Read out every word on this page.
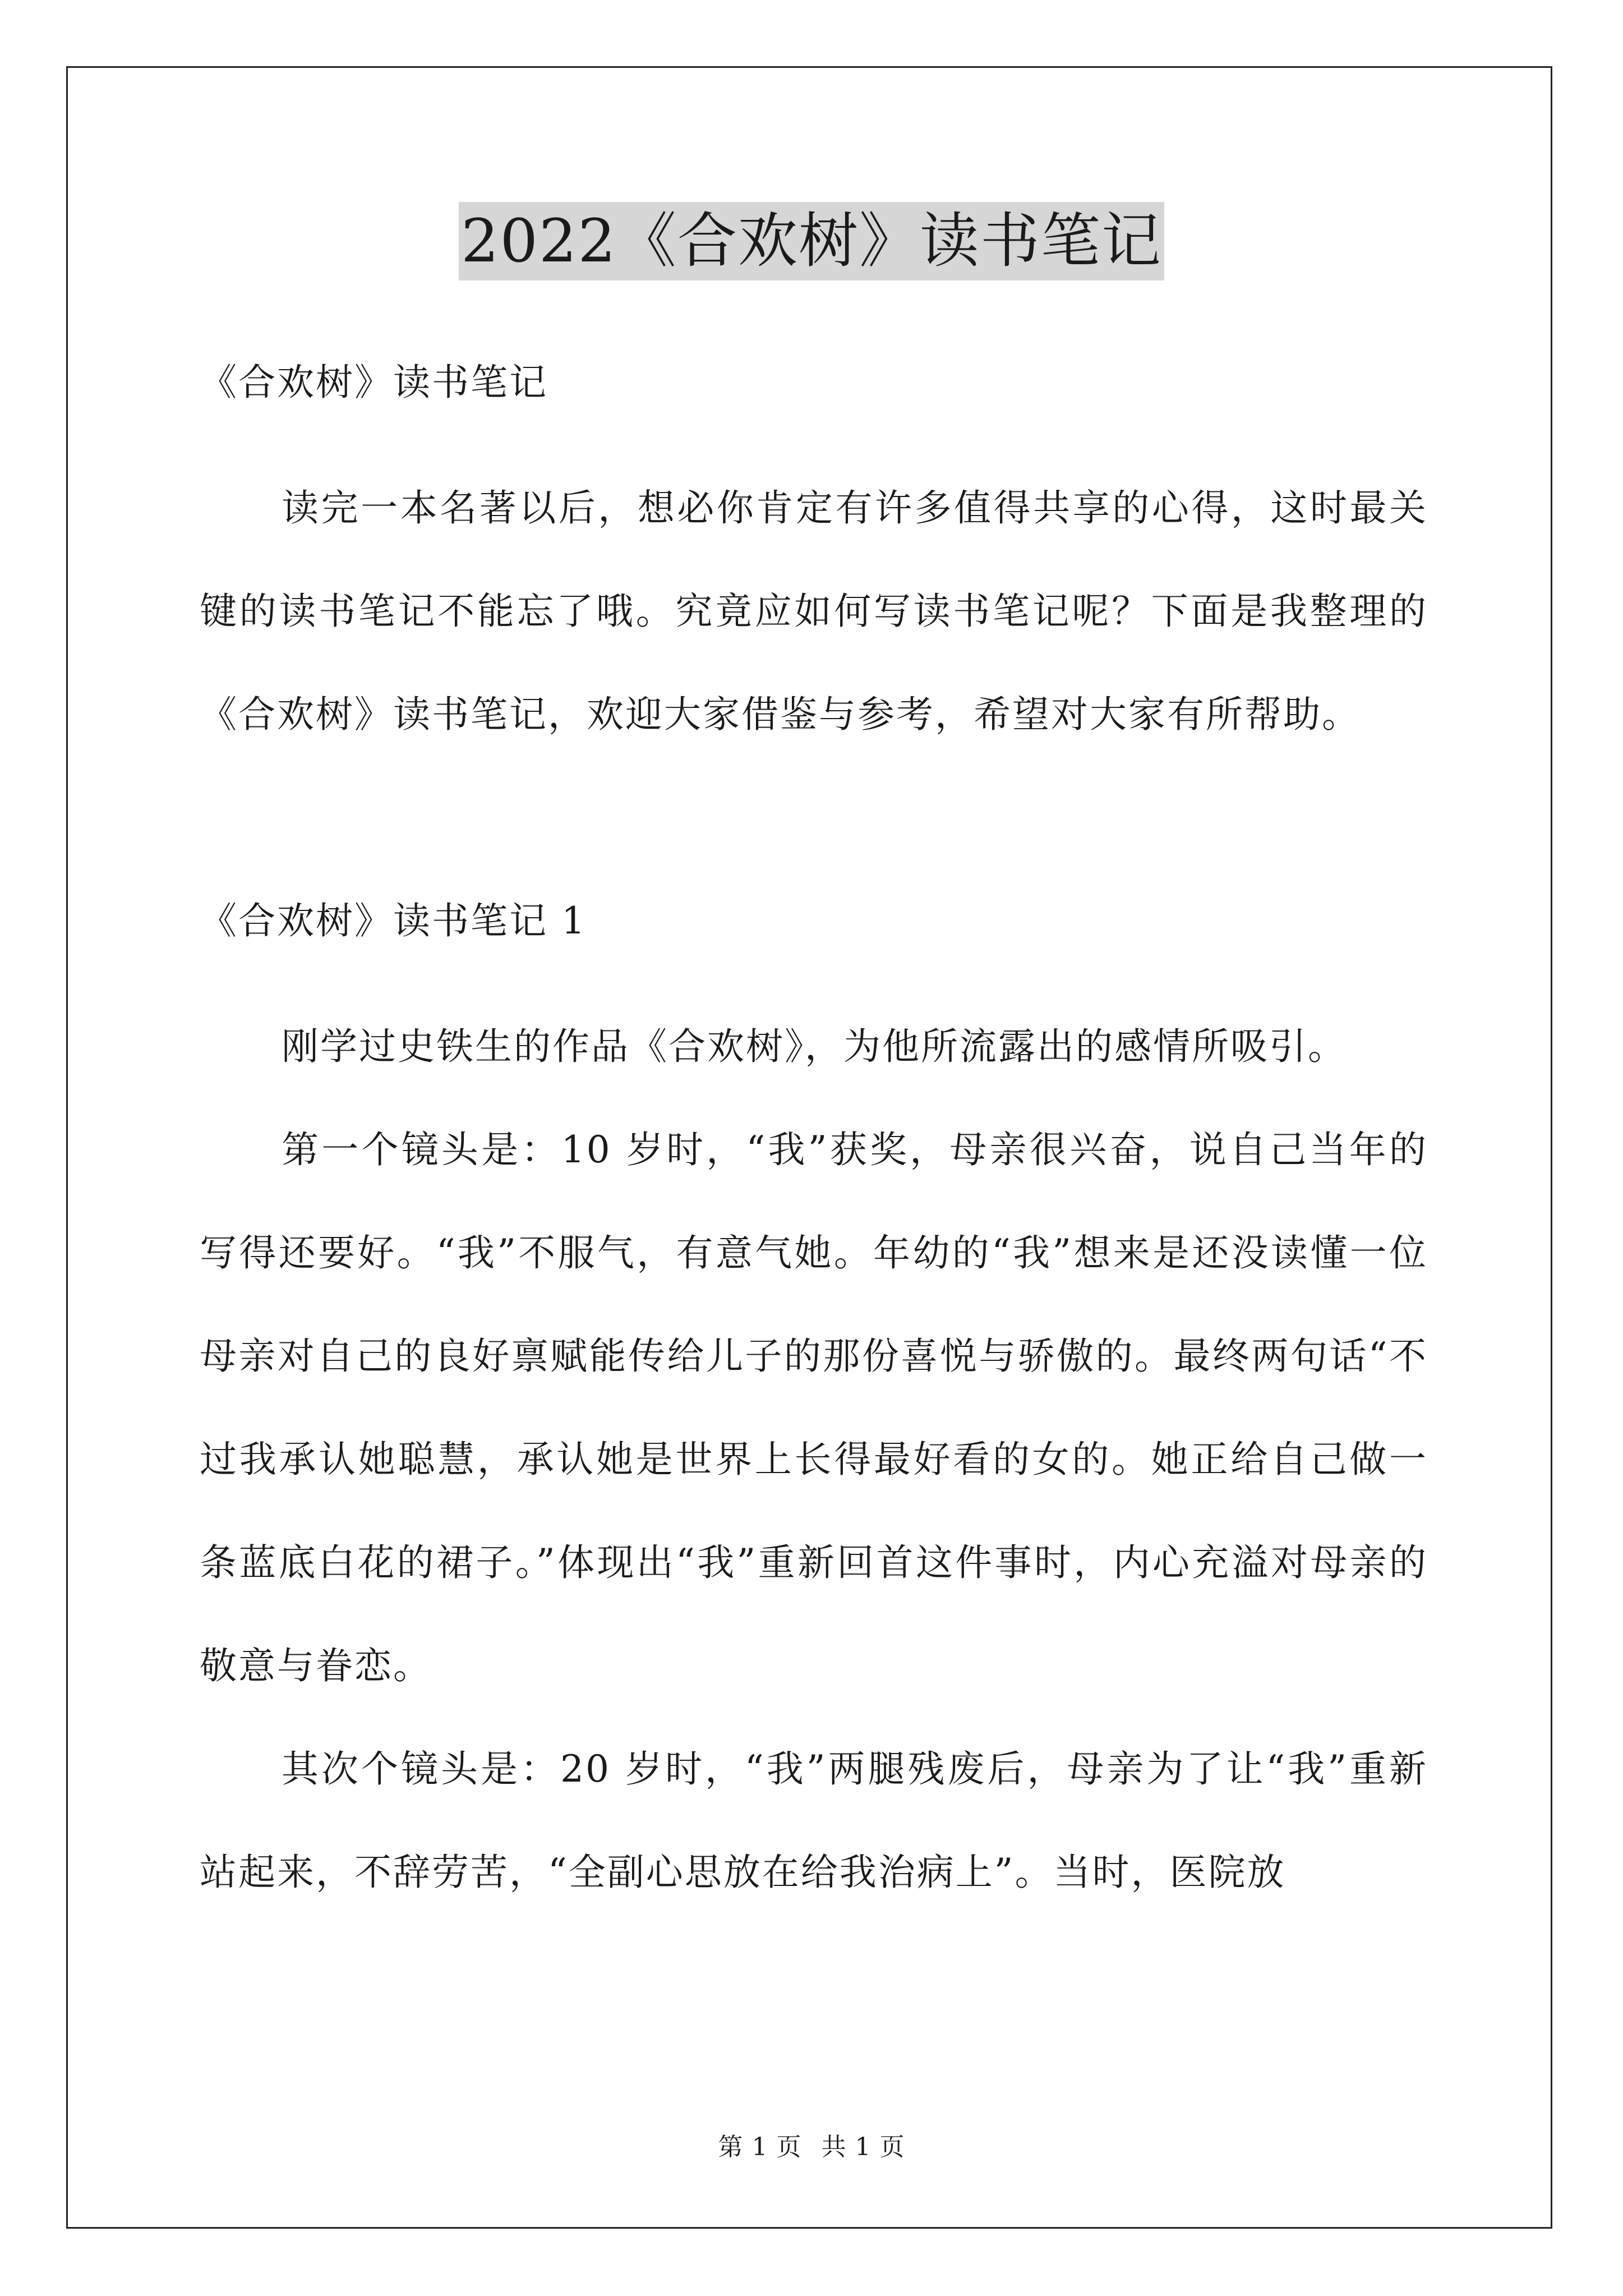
2022《合欢树》读书笔记

《合欢树》读书笔记

读完一本名著以后，想必你肯定有许多值得共享的心得，这时最关键的读书笔记不能忘了哦。究竟应如何写读书笔记呢？下面是我整理的《合欢树》读书笔记，欢迎大家借鉴与参考，希望对大家有所帮助。

《合欢树》读书笔记 1

刚学过史铁生的作品《合欢树》，为他所流露出的感情所吸引。

第一个镜头是：10 岁时，“我”获奖，母亲很兴奋，说自己当年的写得还要好。“我”不服气，有意气她。年幼的“我”想来是还没读懂一位母亲对自己的良好禀赋能传给儿子的那份喜悦与骄傲的。最终两句话“不过我承认她聪慧，承认她是世界上长得最好看的女的。她正给自己做一条蓝底白花的裙子。”体现出“我”重新回首这件事时，内心充溢对母亲的敬意与眷恋。

其次个镜头是：20 岁时，“我”两腿残废后，母亲为了让“我”重新站起来，不辞劳苦，“全副心思放在给我治病上”。当时，医院放

第 1 页 共 1 页
